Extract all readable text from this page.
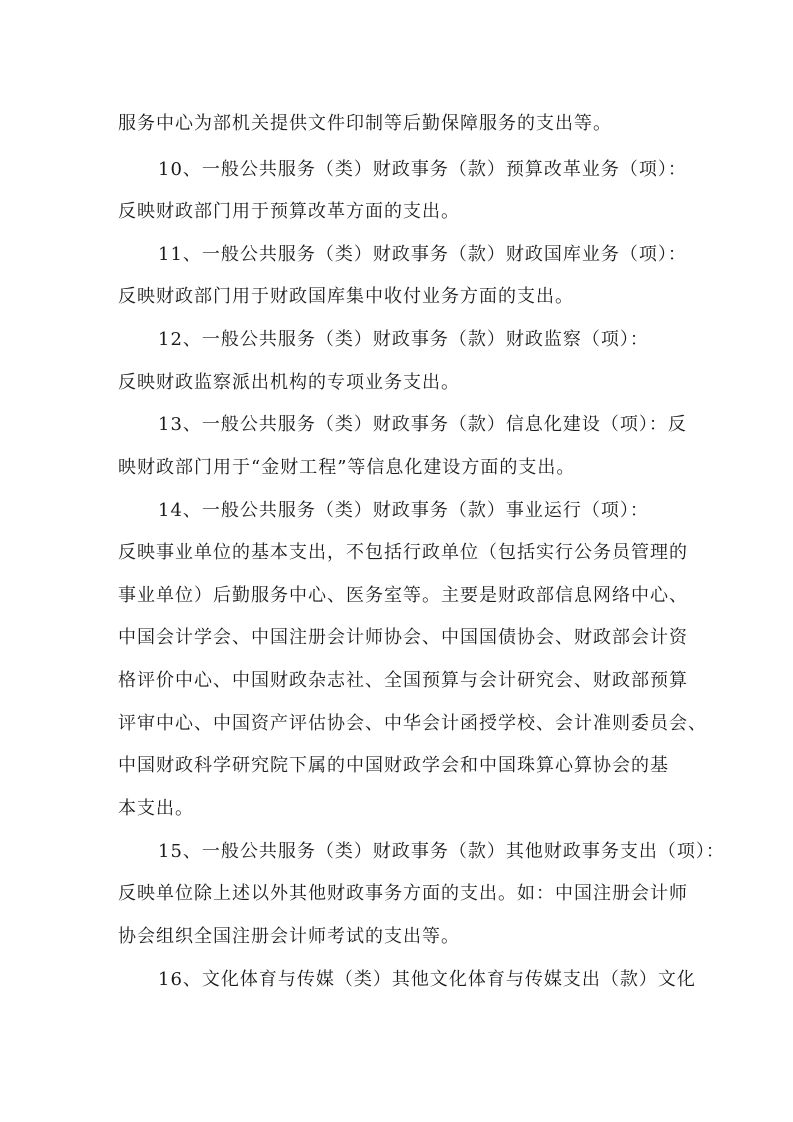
服务中心为部机关提供文件印制等后勤保障服务的支出等。
10、一般公共服务（类）财政事务（款）预算改革业务（项）：
反映财政部门用于预算改革方面的支出。
11、一般公共服务（类）财政事务（款）财政国库业务（项）：
反映财政部门用于财政国库集中收付业务方面的支出。
12、一般公共服务（类）财政事务（款）财政监察（项）：
反映财政监察派出机构的专项业务支出。
13、一般公共服务（类）财政事务（款）信息化建设（项）：反
映财政部门用于“金财工程”等信息化建设方面的支出。
14、一般公共服务（类）财政事务（款）事业运行（项）：
反映事业单位的基本支出，不包括行政单位（包括实行公务员管理的
事业单位）后勤服务中心、医务室等。主要是财政部信息网络中心、
中国会计学会、中国注册会计师协会、中国国债协会、财政部会计资
格评价中心、中国财政杂志社、全国预算与会计研究会、财政部预算
评审中心、中国资产评估协会、中华会计函授学校、会计准则委员会、
中国财政科学研究院下属的中国财政学会和中国珠算心算协会的基
本支出。
15、一般公共服务（类）财政事务（款）其他财政事务支出（项）：
反映单位除上述以外其他财政事务方面的支出。如：中国注册会计师
协会组织全国注册会计师考试的支出等。
16、文化体育与传媒（类）其他文化体育与传媒支出（款）文化
